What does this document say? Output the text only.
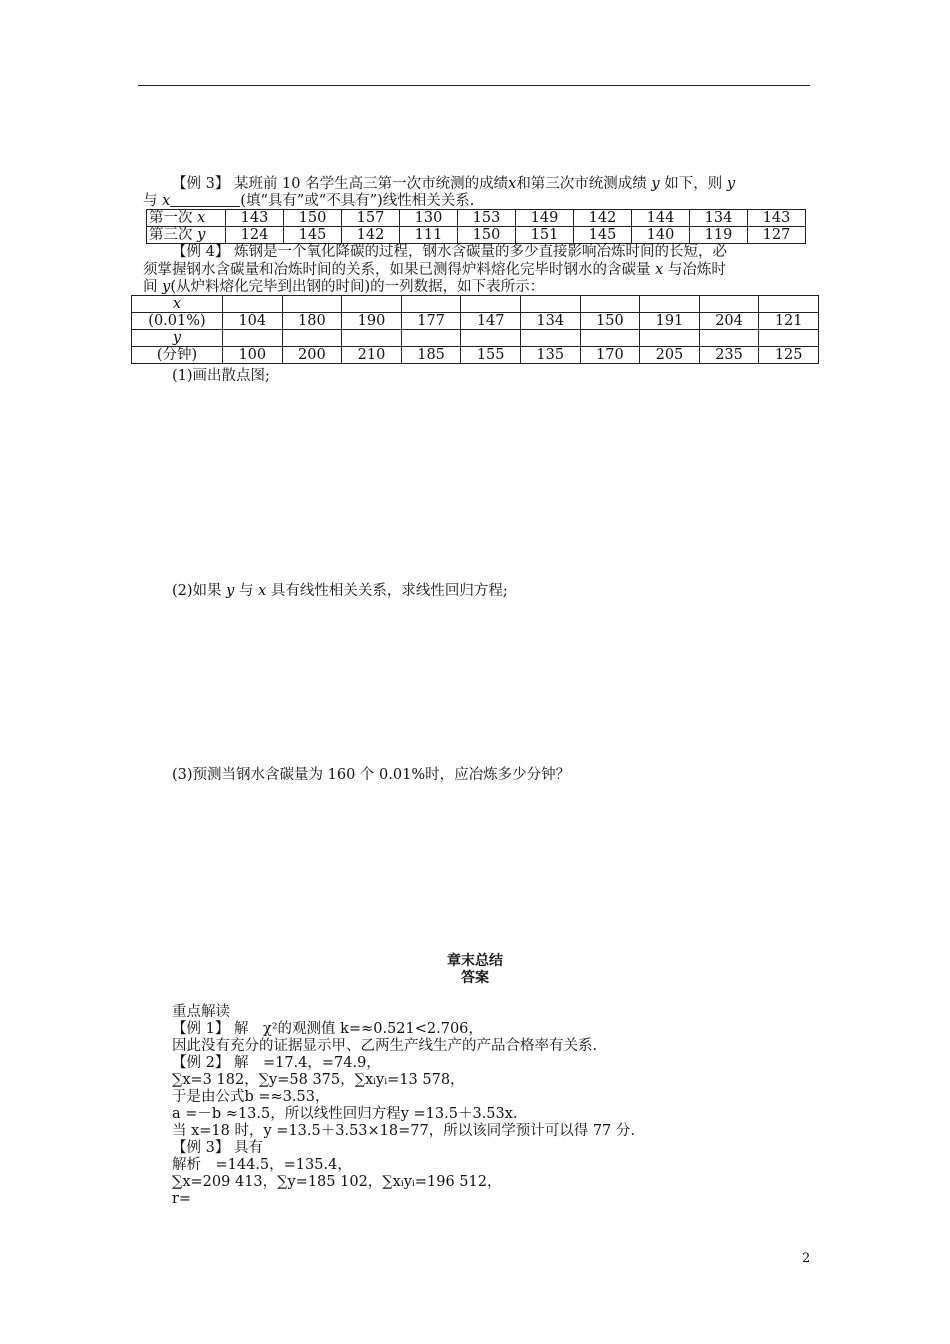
【例 3】 某班前 10 名学生高三第一次市统测的成绩x和第三次市统测成绩 y 如下，则 y
与 x	(填“具有”或“不具有”)线性相关关系.
第一次 x	143	150	157	130	153	149	142	144	134	143
第三次 y	124	145	142	111	150	151	145	140	119	127
【例 4】 炼钢是一个氧化降碳的过程，钢水含碳量的多少直接影响冶炼时间的长短，必
须掌握钢水含碳量和冶炼时间的关系，如果已测得炉料熔化完毕时钢水的含碳量 x 与冶炼时
间 y(从炉料熔化完毕到出钢的时间)的一列数据，如下表所示：
x										
(0.01%)	104	180	190	177	147	134	150	191	204	121
y										
(分钟)	100	200	210	185	155	135	170	205	235	125
(1)画出散点图;
(2)如果 y 与 x 具有线性相关关系，求线性回归方程;
(3)预测当钢水含碳量为 160 个 0.01%时，应冶炼多少分钟？
章末总结
答案
重点解读
【例 1】 解　χ²的观测值 k=≈0.521<2.706，
因此没有充分的证据显示甲、乙两生产线生产的产品合格率有关系.
【例 2】 解　=17.4，=74.9，
∑x=3 182，∑y=58 375，∑xᵢyᵢ=13 578，
于是由公式b =≈3.53，
a =－b ≈13.5，所以线性回归方程y =13.5＋3.53x.
当 x=18 时，y =13.5＋3.53×18=77，所以该同学预计可以得 77 分.
【例 3】 具有
解析　=144.5，=135.4，
∑x=209 413，∑y=185 102，∑xᵢyᵢ=196 512，
r=
2
